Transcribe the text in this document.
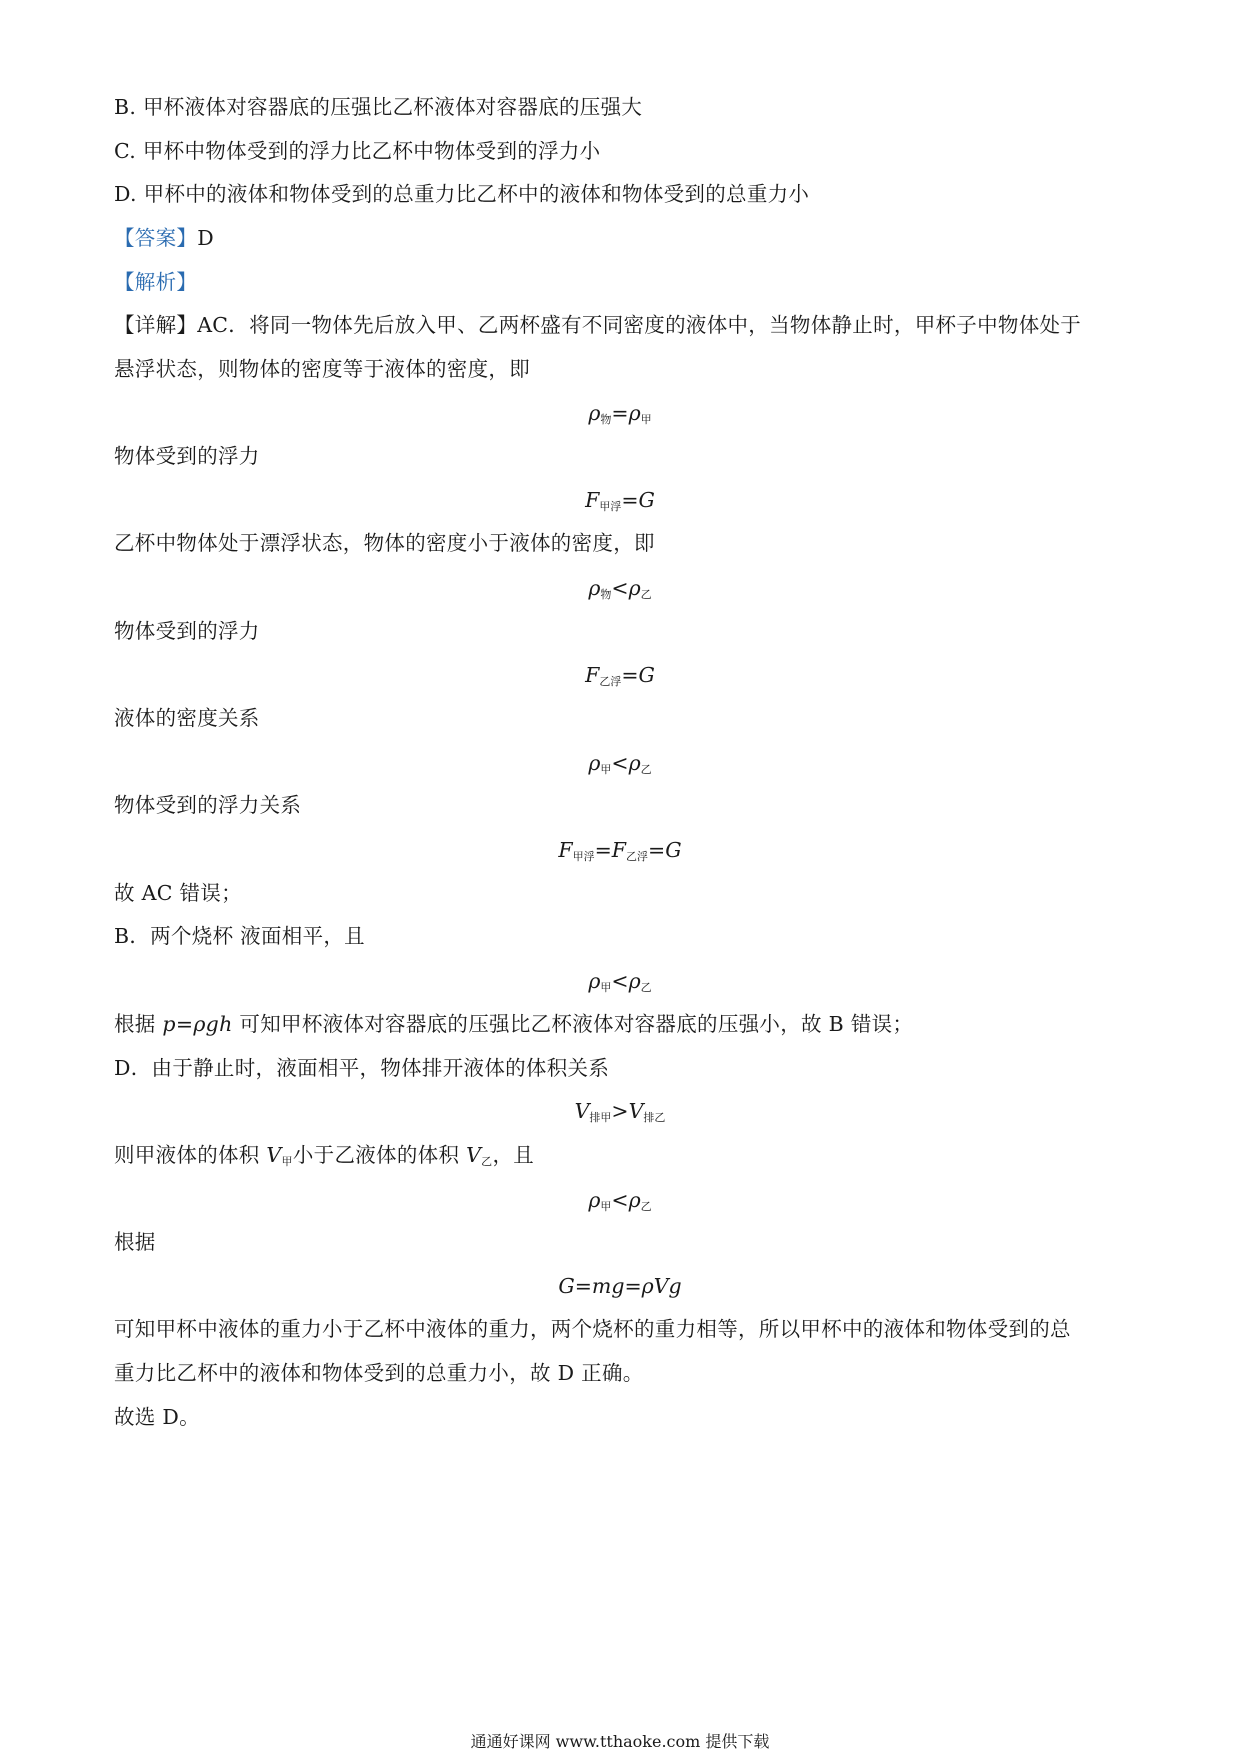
B. 甲杯液体对容器底的压强比乙杯液体对容器底的压强大
C. 甲杯中物体受到的浮力比乙杯中物体受到的浮力小
D. 甲杯中的液体和物体受到的总重力比乙杯中的液体和物体受到的总重力小
【答案】D
【解析】
【详解】AC．将同一物体先后放入甲、乙两杯盛有不同密度的液体中，当物体静止时，甲杯子中物体处于
悬浮状态，则物体的密度等于液体的密度，即
$\rho_物=\rho_甲$
物体受到的浮力
$F_{甲浮}=G$
乙杯中物体处于漂浮状态，物体的密度小于液体的密度，即
$\rho_物<\rho_乙$
物体受到的浮力
$F_{乙浮}=G$
液体的密度关系
$\rho_甲<\rho_乙$
物体受到的浮力关系
$F_{甲浮}=F_{乙浮}=G$
故 AC 错误；
B．两个烧杯 液面相平，且
$\rho_甲<\rho_乙$
根据 p=ρgh 可知甲杯液体对容器底的压强比乙杯液体对容器底的压强小，故 B 错误；
D．由于静止时，液面相平，物体排开液体的体积关系
$V_{排甲}>V_{排乙}$
则甲液体的体积 $V_甲$小于乙液体的体积 $V_乙$，且
$\rho_甲<\rho_乙$
根据
G=mg=ρVg
可知甲杯中液体的重力小于乙杯中液体的重力，两个烧杯的重力相等，所以甲杯中的液体和物体受到的总
重力比乙杯中的液体和物体受到的总重力小，故 D 正确。
故选 D。
通通好课网 www.tthaoke.com 提供下载
